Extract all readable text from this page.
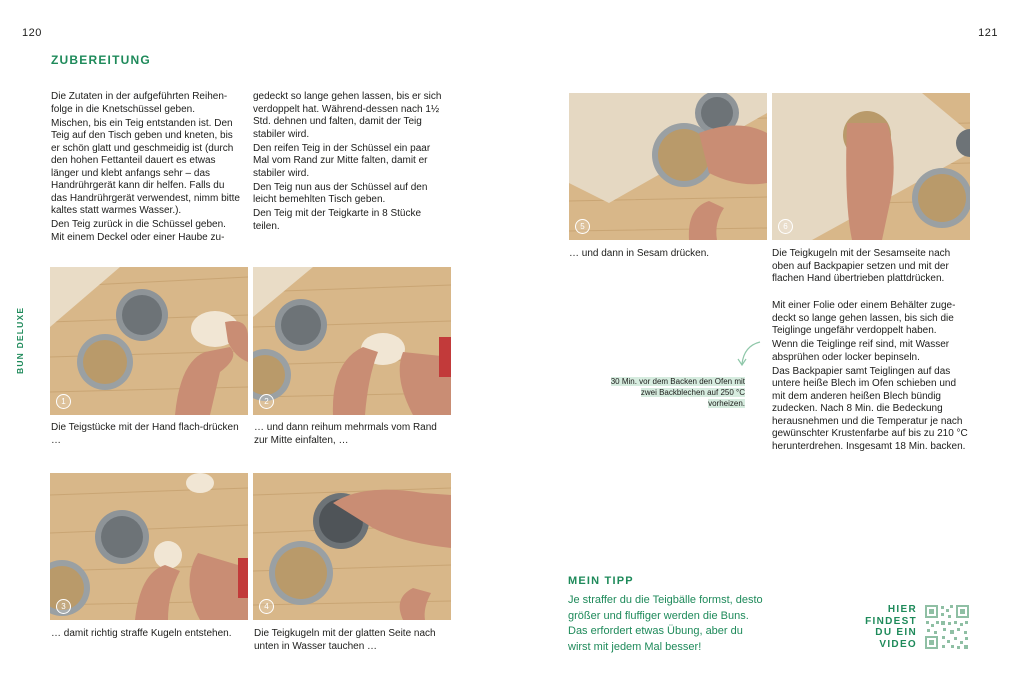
120	121
BUN DELUXE
ZUBEREITUNG

Die Zutaten in der aufgeführten Reihen-folge in die Knetschüssel geben.

Mischen, bis ein Teig entstanden ist. Den Teig auf den Tisch geben und kneten, bis er schön glatt und geschmeidig ist (durch den hohen Fettanteil dauert es etwas länger und klebt anfangs sehr – das Handrührgerät kann dir helfen. Falls du das Handrührgerät verwendest, nimm bitte kaltes statt warmes Wasser.).

Den Teig zurück in die Schüssel geben. Mit einem Deckel oder einer Haube zu-

gedeckt so lange gehen lassen, bis er sich verdoppelt hat. Während-dessen nach 1½ Std. dehnen und falten, damit der Teig stabiler wird.

Den reifen Teig in der Schüssel ein paar Mal vom Rand zur Mitte falten, damit er stabiler wird.

Den Teig nun aus der Schüssel auf den leicht bemehlten Tisch geben.

Den Teig mit der Teigkarte in 8 Stücke teilen.

1	2
Die Teigstücke mit der Hand flach-drücken …
… und dann reihum mehrmals vom Rand zur Mitte einfalten, …
3	4
… damit richtig straffe Kugeln entstehen.	Die Teigkugeln mit der glatten Seite nach unten in Wasser tauchen …
5	6
… und dann in Sesam drücken.	Die Teigkugeln mit der Sesamseite nach oben auf Backpapier setzen und mit der flachen Hand übertrieben plattdrücken.

Mit einer Folie oder einem Behälter zuge-deckt so lange gehen lassen, bis sich die Teiglinge ungefähr verdoppelt haben.

Wenn die Teiglinge reif sind, mit Wasser absprühen oder locker bepinseln.

Das Backpapier samt Teiglingen auf das untere heiße Blech im Ofen schieben und mit dem anderen heißen Blech bündig zudecken. Nach 8 Min. die Bedeckung herausnehmen und die Temperatur je nach gewünschter Krustenfarbe auf bis zu 210 °C herunterdrehen. Insgesamt 18 Min. backen.

30 Min. vor dem Backen den Ofen mit zwei Backblechen auf 250 °C vorheizen.
MEIN TIPP
Je straffer du die Teigbälle formst, desto größer und fluffiger werden die Buns. Das erfordert etwas Übung, aber du wirst mit jedem Mal besser!
HIER
FINDEST
DU EIN
VIDEO
